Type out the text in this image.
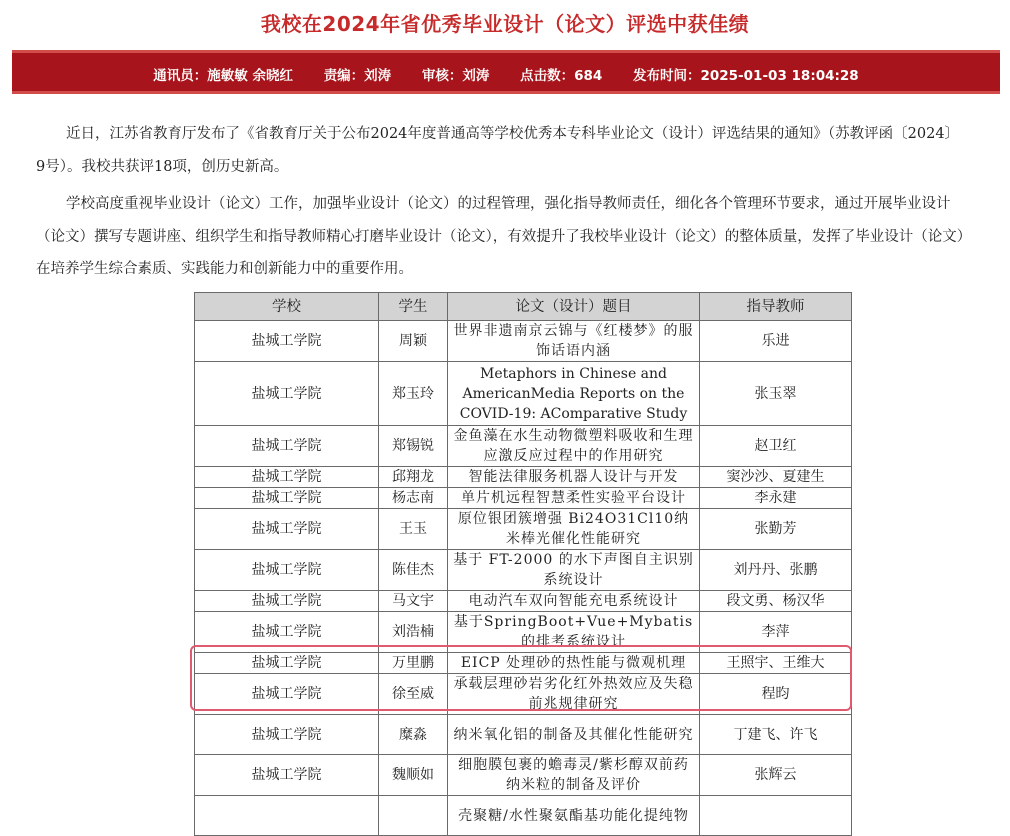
我校在2024年省优秀毕业设计（论文）评选中获佳绩
通讯员：施敏敏 余晓红 责编：刘涛 审核：刘涛 点击数：684 发布时间：2025-01-03 18:04:28

近日，江苏省教育厅发布了《省教育厅关于公布2024年度普通高等学校优秀本专科毕业论文（设计）评选结果的通知》（苏教评函〔2024〕9号）。我校共获评18项，创历史新高。

学校高度重视毕业设计（论文）工作，加强毕业设计（论文）的过程管理，强化指导教师责任，细化各个管理环节要求，通过开展毕业设计（论文）撰写专题讲座、组织学生和指导教师精心打磨毕业设计（论文），有效提升了我校毕业设计（论文）的整体质量，发挥了毕业设计（论文）在培养学生综合素质、实践能力和创新能力中的重要作用。

学校	学生	论文（设计）题目	指导教师
盐城工学院	周颖	世界非遗南京云锦与《红楼梦》的服饰话语内涵	乐进
盐城工学院	郑玉玲	Metaphors in Chinese and AmericanMedia Reports on the COVID-19: AComparative Study	张玉翠
盐城工学院	郑锡锐	金鱼藻在水生动物微塑料吸收和生理应激反应过程中的作用研究	赵卫红
盐城工学院	邱翔龙	智能法律服务机器人设计与开发	窦沙沙、夏建生
盐城工学院	杨志南	单片机远程智慧柔性实验平台设计	李永建
盐城工学院	王玉	原位银团簇增强 Bi24O31Cl10纳米棒光催化性能研究	张勤芳
盐城工学院	陈佳杰	基于 FT-2000 的水下声图自主识别系统设计	刘丹丹、张鹏
盐城工学院	马文宇	电动汽车双向智能充电系统设计	段文勇、杨汉华
盐城工学院	刘浩楠	基于SpringBoot+Vue+Mybatis的排考系统设计	李萍
盐城工学院	万里鹏	EICP 处理砂的热性能与微观机理	王照宇、王维大
盐城工学院	徐至威	承载层理砂岩劣化红外热效应及失稳前兆规律研究	程昀
盐城工学院	糜淼	纳米氧化铝的制备及其催化性能研究	丁建飞、许飞
盐城工学院	魏顺如	细胞膜包裹的蟾毒灵/紫杉醇双前药纳米粒的制备及评价	张辉云
		壳聚糖/水性聚氨酯基功能化提纯物	
